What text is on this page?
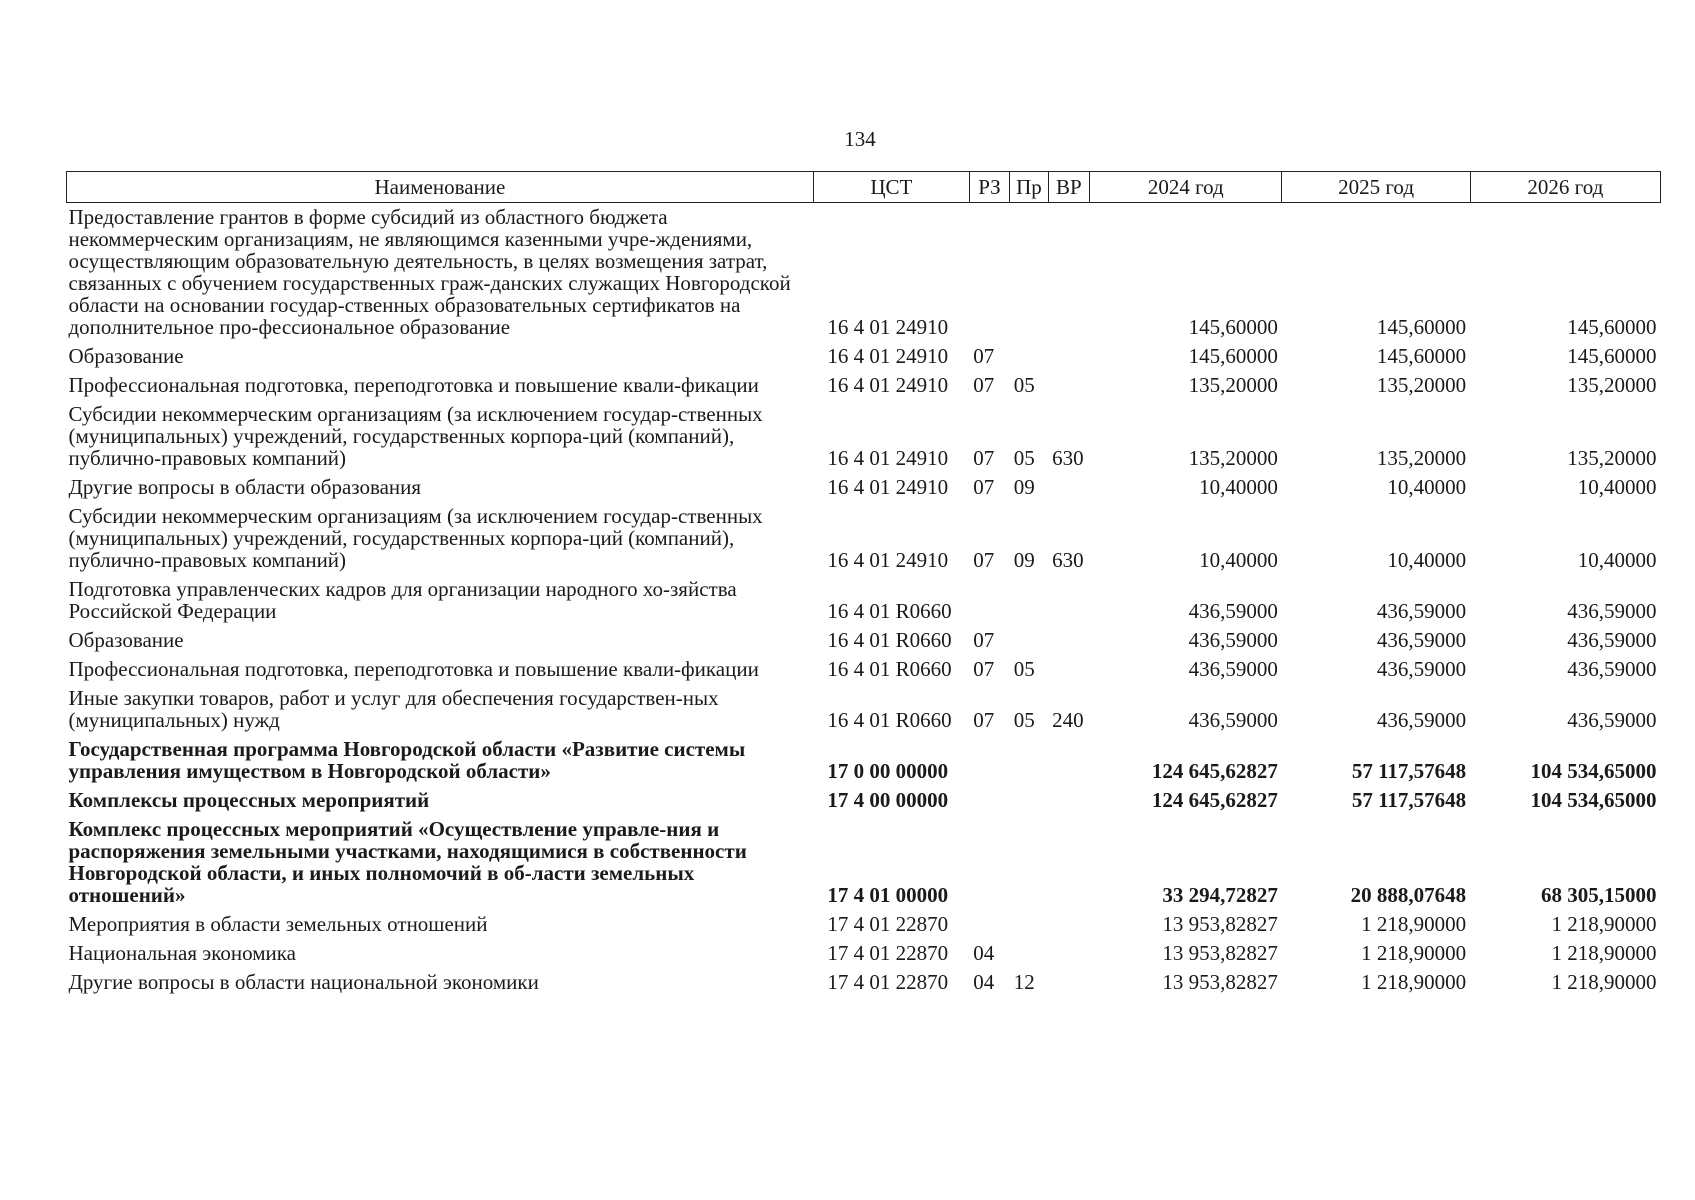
134
Наименование	ЦСТ	РЗ	Пр	ВР	2024 год	2025 год	2026 год
Предоставление грантов в форме субсидий из областного бюджета некоммерческим организациям, не являющимся казенными учре-ждениями, осуществляющим образовательную деятельность, в целях возмещения затрат, связанных с обучением государственных граж-данских служащих Новгородской области на основании государ-ственных образовательных сертификатов на дополнительное про-фессиональное образование	16 4 01 24910				145,60000	145,60000	145,60000
Образование	16 4 01 24910	07			145,60000	145,60000	145,60000
Профессиональная подготовка, переподготовка и повышение квали-фикации	16 4 01 24910	07	05		135,20000	135,20000	135,20000
Субсидии некоммерческим организациям (за исключением государ-ственных (муниципальных) учреждений, государственных корпора-ций (компаний), публично-правовых компаний)	16 4 01 24910	07	05	630	135,20000	135,20000	135,20000
Другие вопросы в области образования	16 4 01 24910	07	09		10,40000	10,40000	10,40000
Субсидии некоммерческим организациям (за исключением государ-ственных (муниципальных) учреждений, государственных корпора-ций (компаний), публично-правовых компаний)	16 4 01 24910	07	09	630	10,40000	10,40000	10,40000
Подготовка управленческих кадров для организации народного хо-зяйства Российской Федерации	16 4 01 R0660				436,59000	436,59000	436,59000
Образование	16 4 01 R0660	07			436,59000	436,59000	436,59000
Профессиональная подготовка, переподготовка и повышение квали-фикации	16 4 01 R0660	07	05		436,59000	436,59000	436,59000
Иные закупки товаров, работ и услуг для обеспечения государствен-ных (муниципальных) нужд	16 4 01 R0660	07	05	240	436,59000	436,59000	436,59000
Государственная программа Новгородской области «Развитие системы управления имуществом в Новгородской области»	17 0 00 00000				124 645,62827	57 117,57648	104 534,65000
Комплексы процессных мероприятий	17 4 00 00000				124 645,62827	57 117,57648	104 534,65000
Комплекс процессных мероприятий «Осуществление управле-ния и распоряжения земельными участками, находящимися в собственности Новгородской области, и иных полномочий в об-ласти земельных отношений»	17 4 01 00000				33 294,72827	20 888,07648	68 305,15000
Мероприятия в области земельных отношений	17 4 01 22870				13 953,82827	1 218,90000	1 218,90000
Национальная экономика	17 4 01 22870	04			13 953,82827	1 218,90000	1 218,90000
Другие вопросы в области национальной экономики	17 4 01 22870	04	12		13 953,82827	1 218,90000	1 218,90000
